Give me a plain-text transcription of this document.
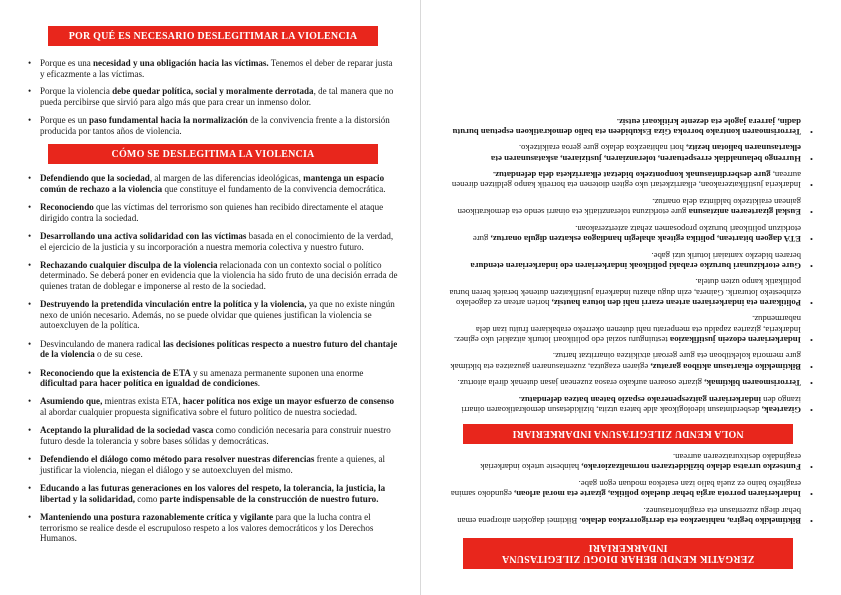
POR QUÉ ES NECESARIO DESLEGITIMAR LA VIOLENCIA
• Porque es una necesidad y una obligación hacia las víctimas. Tenemos el deber de reparar justa y eficazmente a las víctimas.
• Porque la violencia debe quedar política, social y moralmente derrotada, de tal manera que no pueda percibirse que sirvió para algo más que para crear un inmenso dolor.
• Porque es un paso fundamental hacia la normalización de la convivencia frente a la distorsión producida por tantos años de violencia.
CÓMO SE DESLEGITIMA LA VIOLENCIA
• Defendiendo que la sociedad, al margen de las diferencias ideológicas, mantenga un espacio común de rechazo a la violencia que constituye el fundamento de la convivencia democrática.
• Reconociendo que las víctimas del terrorismo son quienes han recibido directamente el ataque dirigido contra la sociedad.
• Desarrollando una activa solidaridad con las víctimas basada en el conocimiento de la verdad, el ejercicio de la justicia y su incorporación a nuestra memoria colectiva y nuestro futuro.
• Rechazando cualquier disculpa de la violencia relacionada con un contexto social o político determinado. Se deberá poner en evidencia que la violencia ha sido fruto de una decisión errada de quienes tratan de doblegar e imponerse al resto de la sociedad.
• Destruyendo la pretendida vinculación entre la política y la violencia, ya que no existe ningún nexo de unión necesario. Además, no se puede olvidar que quienes justifican la violencia se autoexcluyen de la política.
• Desvinculando de manera radical las decisiones políticas respecto a nuestro futuro del chantaje de la violencia o de su cese.
• Reconociendo que la existencia de ETA y su amenaza permanente suponen una enorme dificultad para hacer política en igualdad de condiciones.
• Asumiendo que, mientras exista ETA, hacer política nos exige un mayor esfuerzo de consenso al abordar cualquier propuesta significativa sobre el futuro político de nuestra sociedad.
• Aceptando la pluralidad de la sociedad vasca como condición necesaria para construir nuestro futuro desde la tolerancia y sobre bases sólidas y democráticas.
• Defendiendo el diálogo como método para resolver nuestras diferencias frente a quienes, al justificar la violencia, niegan el diálogo y se autoexcluyen del mismo.
• Educando a las futuras generaciones en los valores del respeto, la tolerancia, la justicia, la libertad y la solidaridad, como parte indispensable de la construcción de nuestro futuro.
• Manteniendo una postura razonablemente crítica y vigilante para que la lucha contra el terrorismo se realice desde el escrupuloso respeto a los valores democráticos y los Derechos Humanos.
ZERGATIK KENDU BEHAR DIOGU ZILEGITASUNA INDARKERIARI
• Biktimekiko begira, nahitaezkoa eta derrigorrezkoa delako. Biktimei dagokien aitorpena eman behar diegu zuzentasun eta eraginkortasunez.
• Indarkeriaren porrota argia behar duelako politika, gizarte eta moral arloan, egundoko samina eragiteko baino ez zuela balio izan esatekoa moduan egon gabe.
• Funtsezko urratsa delako bizikidetzaren normalizaziorako, hainbeste urteko indarkeriak eragindako desitxuratzearen aurrean.
NOLA KENDU ZILEGITASUNA INDARKERIARI
• Gizarteak, desberdintasun ideologikoak alde batera utzita, bizikidetasun demokratikoaren oinarri izango den indarkeriaren gaitzespenerako espazio batean batzea defendatuz.
• Terrorismoaren biktimak, gizarte osoaren aurkako erasoa zuzenean jasan dutenak direla aitortuz.
• Biktimekiko elkartasun aktiboa garatuz, egiaren ezagutza, zuzentasunaren gauzatzea eta biktimak gure memoria kolektiboan eta gure geroari atxikitzea oinarritzat hartuz.
• Indarkeriaren edozein justifikazioa testuinguru sozial edo politikoari loturik aitzakiel uko eginez. Indarkeria, gizartea zapaldu eta menperatu nahi dutenen okerreko erabakiaren fruitu izan dela nabarmenduz.
• Politikaren eta indarkeriaren artean ezarri nahi den lotura hautsiz, horien artean ez dagoelako ezinbesteko loturarik. Gainera, ezin dugu ahaztu indarkeria justifikatzen dutenek beraiek beren burua politikatik kanpo uzten dutela.
• Gure etorkizunari buruzko erabaki politikoak indarkeriaren edo indarkeriaren etendura beraren bidezko xantaiari loturik utzi gabe.
• ETA dagoen bitartean, politika egiteak ahalegin handiagoa eskatzen digula onartuz, gure etorkizun politikoari buruzko proposamen zehatz aztertzerakoan.
• Euskal gizartearen aniztasuna gure etorkizuna toleranztiatik eta oinarri sendo eta demokratikoen gainean eraikitzeko baldintza dela onartuz.
• Indarkeria justifikatzerakoan, elkarrizketari uko egiten diotenen eta horretik kanpo gelditzen direnen aurrean, gure desberdintasunak konpontzeko bidetzat elkarrizketa dela defendatuz.
• Hurrengo belaunaldiak errespetuaren, toleranziaren, justiziaren, askatasunaren eta elkartasunaren baliotan hezitz, hori nahitaezkoa delako gure geroa eraikitzeko.
• Terrorismoaren kontrako borroka Giza Eskubideen eta balio demokratikoen espetuan burutu dadin, jarrera jagole eta dezente kritikoari eutsiz.
